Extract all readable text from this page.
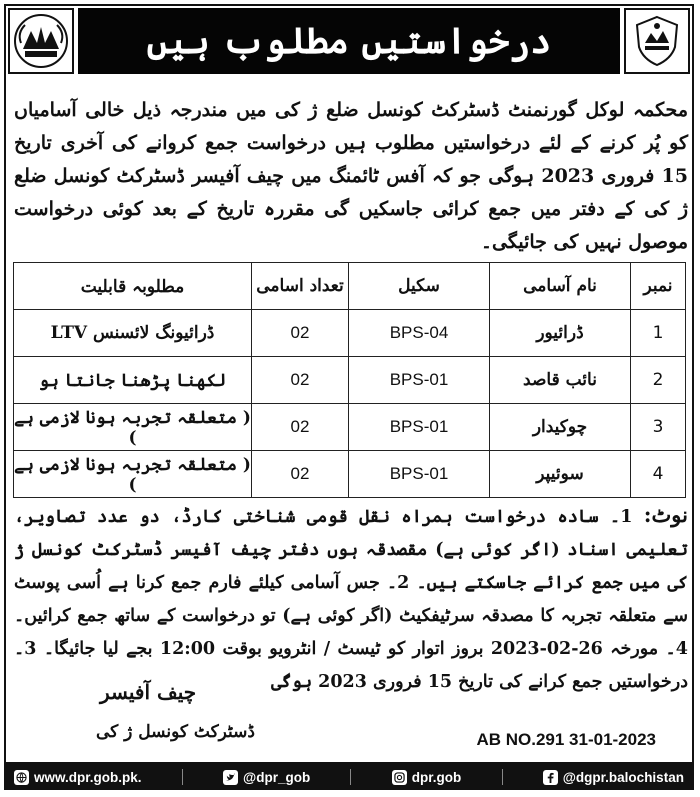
درخواستیں مطلوب ہیں
محکمہ لوکل گورنمنٹ ڈسٹرکٹ کونسل ضلع ژ کی میں مندرجہ ذیل خالی آسامیاں کو پُر کرنے کے لئے درخواستیں مطلوب ہیں درخواست جمع کروانے کی آخری تاریخ 15 فروری 2023 ہوگی جو کہ آفس ٹائمنگ میں چیف آفیسر ڈسٹرکٹ کونسل ضلع ژ کی کے دفتر میں جمع کرائی جاسکیں گی مقررہ تاریخ کے بعد کوئی درخواست موصول نہیں کی جائیگی۔
نمبر	نام آسامی	سکیل	تعداد اسامی	مطلوبہ قابلیت
1	ڈرائیور	BPS-04	02	ڈرائیونگ لائسنس LTV
2	نائب قاصد	BPS-01	02	لکھنا پڑھنا جانتا ہو
3	چوکیدار	BPS-01	02	( متعلقہ تجربہ ہونا لازمی ہے )
4	سوئیپر	BPS-01	02	( متعلقہ تجربہ ہونا لازمی ہے )
نوٹ: 1۔ سادہ درخواست ہمراہ نقل قومی شناختی کارڈ، دو عدد تصاویر، تعلیمی اسناد (اگر کوئی ہے) مقصدقہ ہوں دفتر چیف آفیسر ڈسٹرکٹ کونسل ژ کی میں جمع کرائے جاسکتے ہیں۔ 2۔ جس آسامی کیلئے فارم جمع کرنا ہے اُسی پوسٹ سے متعلقہ تجربہ کا مصدقہ سرٹیفکیٹ (اگر کوئی ہے) تو درخواست کے ساتھ جمع کرائیں۔ 4۔ مورخہ 26-02-2023 بروز اتوار کو ٹیسٹ / انٹرویو بوقت 12:00 بجے لیا جائیگا۔ 3۔ درخواستیں جمع کرانے کی تاریخ 15 فروری 2023 ہوگی
چیف آفیسر
ڈسٹرکٹ کونسل ژ کی	AB NO.291 31-01-2023
www.dpr.gob.pk.	@dpr_gob	dpr.gob	@dgpr.balochistan
